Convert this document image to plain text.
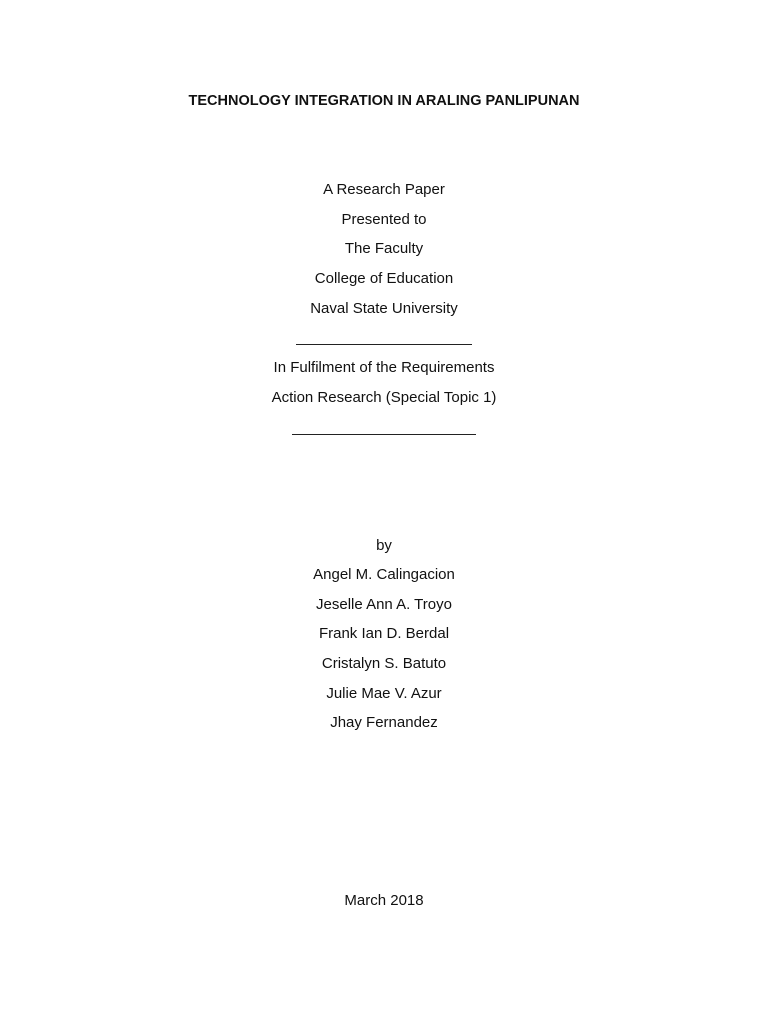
TECHNOLOGY INTEGRATION IN ARALING PANLIPUNAN
A Research Paper
Presented to
The Faculty
College of Education
Naval State University
In Fulfilment of the Requirements
Action Research (Special Topic 1)
by
Angel M. Calingacion
Jeselle Ann A. Troyo
Frank Ian D. Berdal
Cristalyn S. Batuto
Julie Mae V. Azur
Jhay Fernandez
March 2018
